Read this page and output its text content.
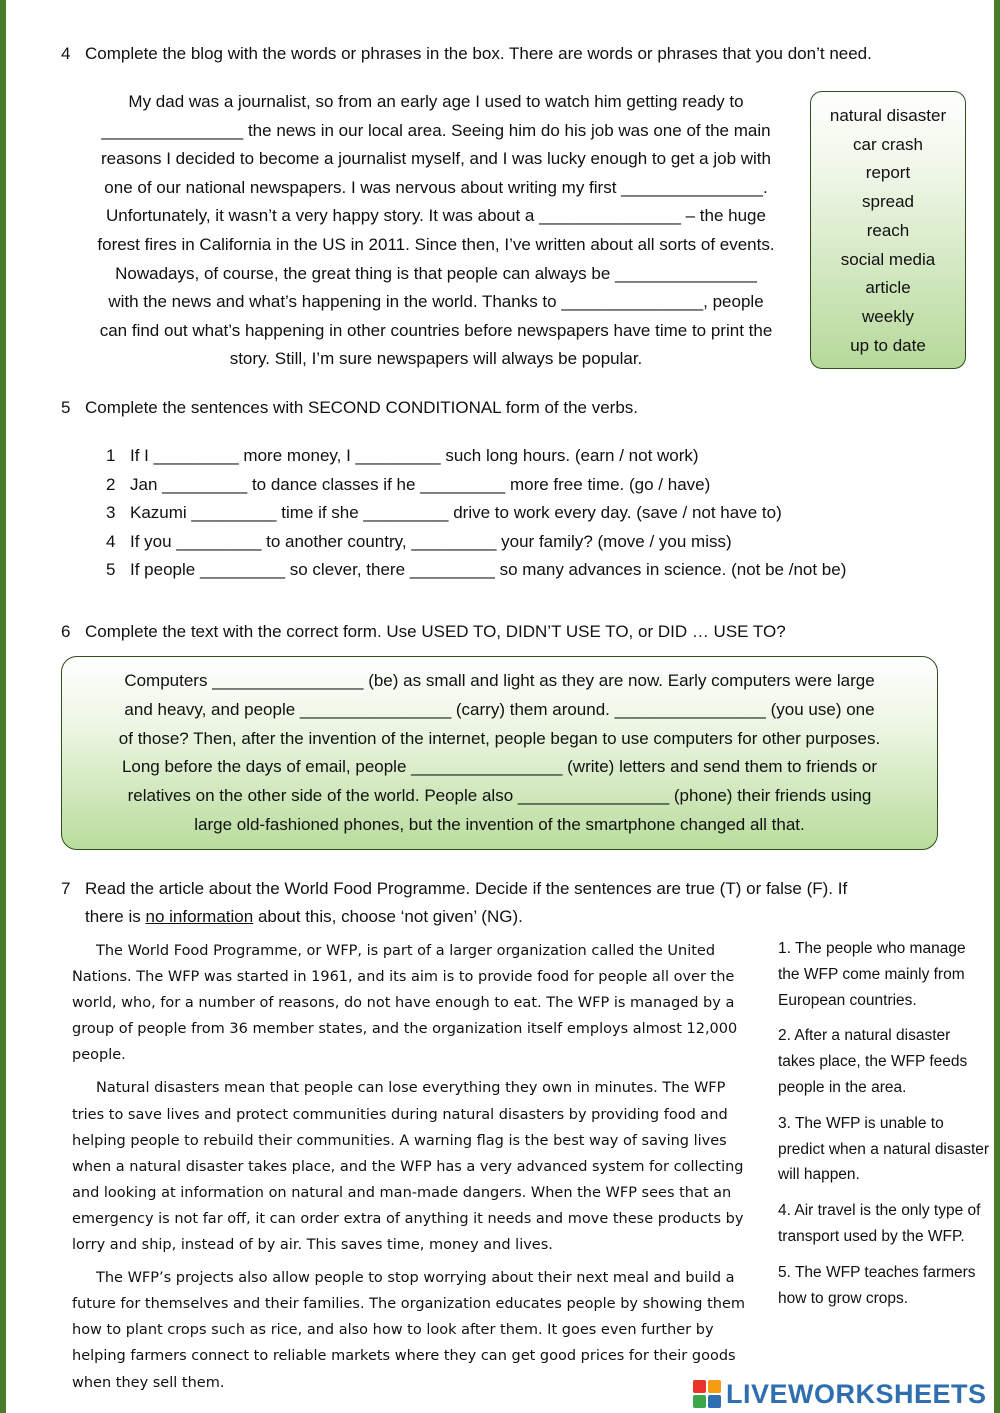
4 Complete the blog with the words or phrases in the box. There are words or phrases that you don’t need.
My dad was a journalist, so from an early age I used to watch him getting ready to
_______________ the news in our local area. Seeing him do his job was one of the main
reasons I decided to become a journalist myself, and I was lucky enough to get a job with
one of our national newspapers. I was nervous about writing my first _______________.
Unfortunately, it wasn’t a very happy story. It was about a _______________ – the huge
forest fires in California in the US in 2011. Since then, I’ve written about all sorts of events.
Nowadays, of course, the great thing is that people can always be _______________
with the news and what’s happening in the world. Thanks to _______________, people
can find out what’s happening in other countries before newspapers have time to print the
story. Still, I’m sure newspapers will always be popular.
natural disaster
car crash
report
spread
reach
social media
article
weekly
up to date
5 Complete the sentences with SECOND CONDITIONAL form of the verbs.
1 If I _________ more money, I _________ such long hours. (earn / not work)
2 Jan _________ to dance classes if he _________ more free time. (go / have)
3 Kazumi _________ time if she _________ drive to work every day. (save / not have to)
4 If you _________ to another country, _________ your family? (move / you miss)
5 If people _________ so clever, there _________ so many advances in science. (not be /not be)
6 Complete the text with the correct form. Use USED TO, DIDN’T USE TO, or DID … USE TO?
Computers ________________ (be) as small and light as they are now. Early computers were large
and heavy, and people ________________ (carry) them around. ________________ (you use) one
of those? Then, after the invention of the internet, people began to use computers for other purposes.
Long before the days of email, people ________________ (write) letters and send them to friends or
relatives on the other side of the world. People also ________________ (phone) their friends using
large old-fashioned phones, but the invention of the smartphone changed all that.
7 Read the article about the World Food Programme. Decide if the sentences are true (T) or false (F). If
there is no information about this, choose ‘not given’ (NG).

The World Food Programme, or WFP, is part of a larger organization called the United Nations. The WFP was started in 1961, and its aim is to provide food for people all over the world, who, for a number of reasons, do not have enough to eat. The WFP is managed by a group of people from 36 member states, and the organization itself employs almost 12,000 people.

Natural disasters mean that people can lose everything they own in minutes. The WFP tries to save lives and protect communities during natural disasters by providing food and helping people to rebuild their communities. A warning flag is the best way of saving lives when a natural disaster takes place, and the WFP has a very advanced system for collecting and looking at information on natural and man-made dangers. When the WFP sees that an emergency is not far off, it can order extra of anything it needs and move these products by lorry and ship, instead of by air. This saves time, money and lives.

The WFP’s projects also allow people to stop worrying about their next meal and build a future for themselves and their families. The organization educates people by showing them how to plant crops such as rice, and also how to look after them. It goes even further by helping farmers connect to reliable markets where they can get good prices for their goods when they sell them.

1. The people who manage the WFP come mainly from European countries.
2. After a natural disaster takes place, the WFP feeds people in the area.
3. The WFP is unable to predict when a natural disaster will happen.
4. Air travel is the only type of transport used by the WFP.
5. The WFP teaches farmers how to grow crops.
LIVEWORKSHEETS
